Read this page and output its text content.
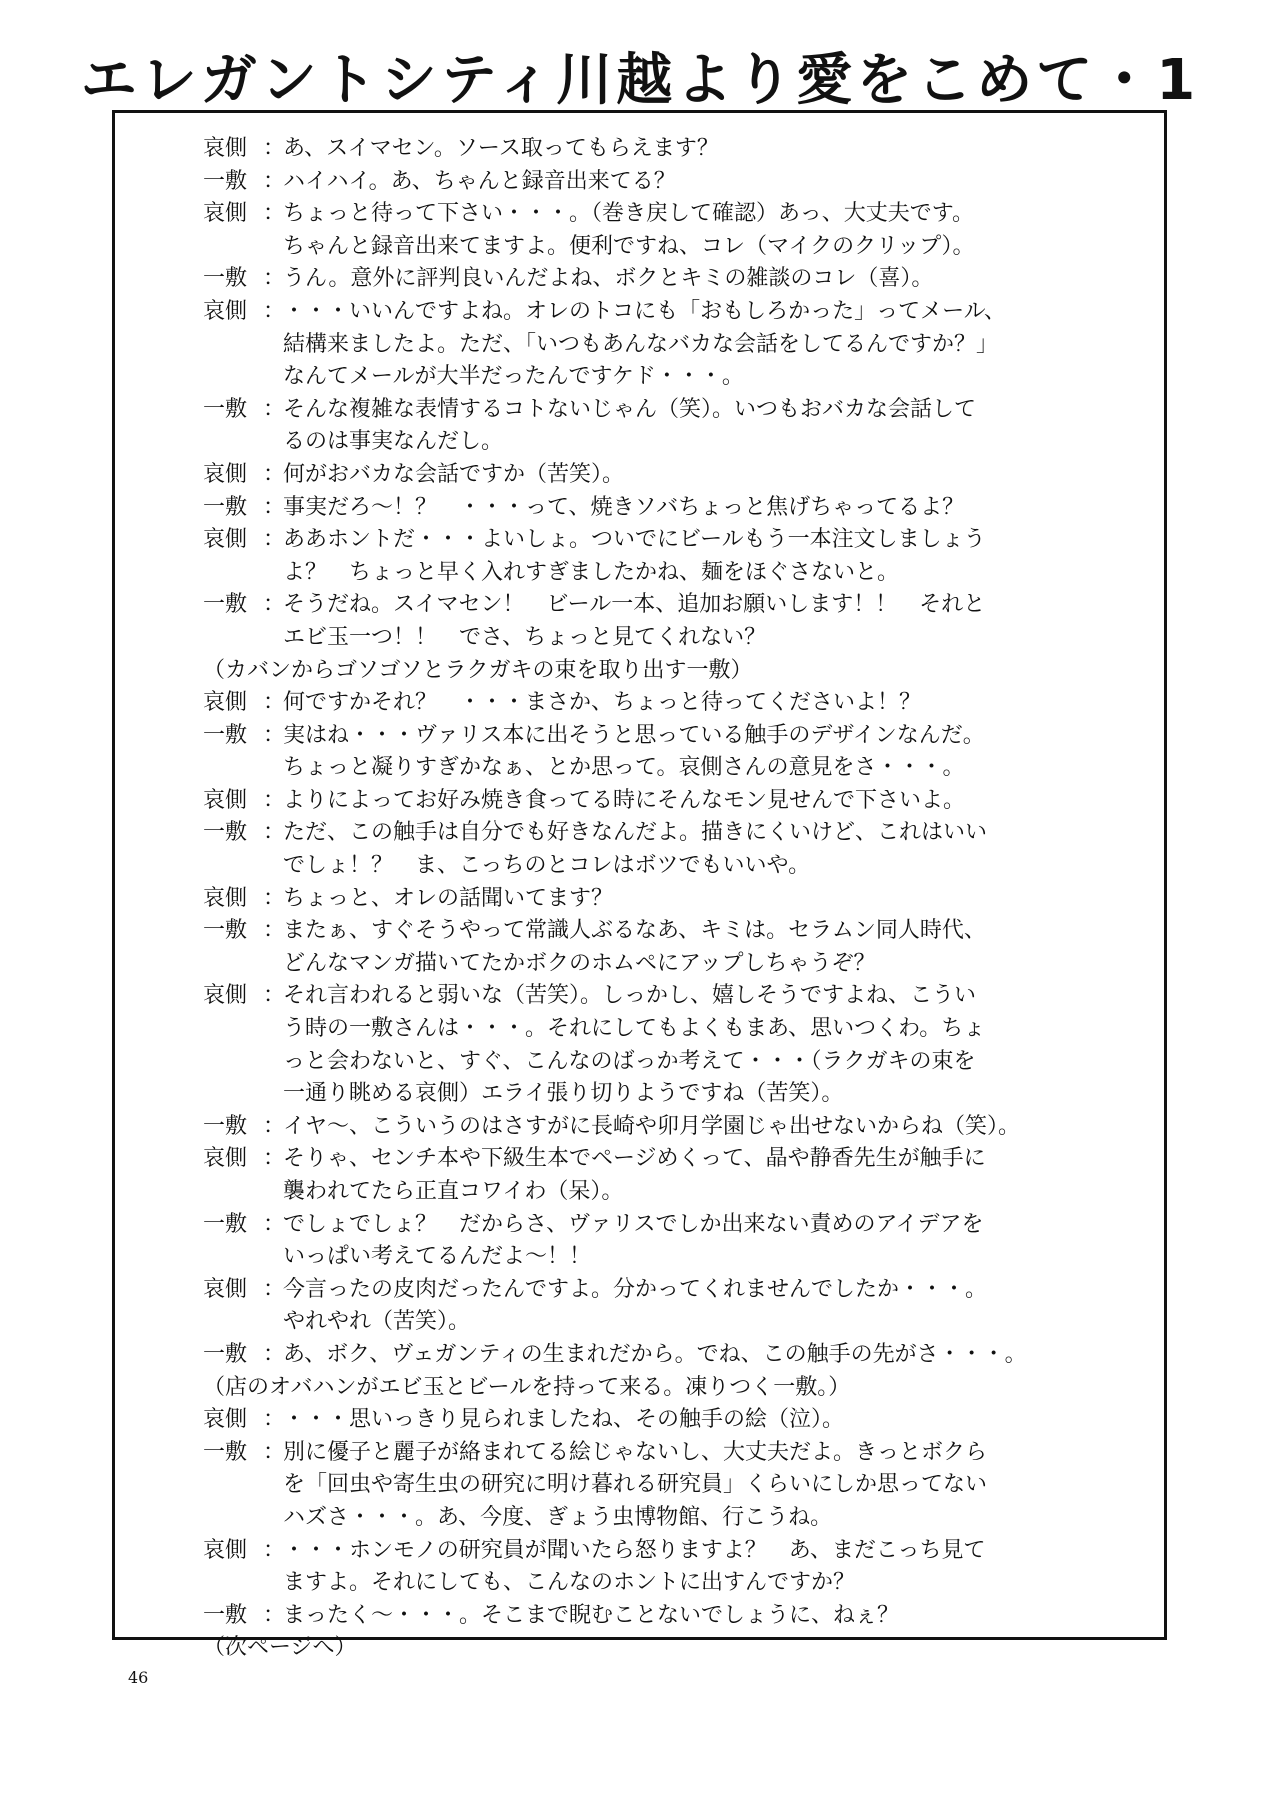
エレガントシティ川越より愛をこめて・1
哀側 ：
あ、スイマセン。ソース取ってもらえます？
一敷 ：
ハイハイ。あ、ちゃんと録音出来てる？
哀側 ：
ちょっと待って下さい・・・。（巻き戻して確認）あっ、大丈夫です。
ちゃんと録音出来てますよ。便利ですね、コレ（マイクのクリップ）。
一敷 ：
うん。意外に評判良いんだよね、ボクとキミの雑談のコレ（喜）。
哀側 ：
・・・いいんですよね。オレのトコにも「おもしろかった」ってメール、
結構来ましたよ。ただ、「いつもあんなバカな会話をしてるんですか？」
なんてメールが大半だったんですケド・・・。
一敷 ：
そんな複雑な表情するコトないじゃん（笑）。いつもおバカな会話して
るのは事実なんだし。
哀側 ：
何がおバカな会話ですか（苦笑）。
一敷 ：
事実だろ～！？　・・・って、焼きソバちょっと焦げちゃってるよ？
哀側 ：
ああホントだ・・・よいしょ。ついでにビールもう一本注文しましょう
よ？　ちょっと早く入れすぎましたかね、麺をほぐさないと。
一敷 ：
そうだね。スイマセン！　ビール一本、追加お願いします！！　それと
エビ玉一つ！！　でさ、ちょっと見てくれない？
（カバンからゴソゴソとラクガキの束を取り出す一敷）
哀側 ：
何ですかそれ？　・・・まさか、ちょっと待ってくださいよ！？
一敷 ：
実はね・・・ヴァリス本に出そうと思っている触手のデザインなんだ。
ちょっと凝りすぎかなぁ、とか思って。哀側さんの意見をさ・・・。
哀側 ：
よりによってお好み焼き食ってる時にそんなモン見せんで下さいよ。
一敷 ：
ただ、この触手は自分でも好きなんだよ。描きにくいけど、これはいい
でしょ！？　ま、こっちのとコレはボツでもいいや。
哀側 ：
ちょっと、オレの話聞いてます？
一敷 ：
またぁ、すぐそうやって常識人ぶるなあ、キミは。セラムン同人時代、
どんなマンガ描いてたかボクのホムペにアップしちゃうぞ？
哀側 ：
それ言われると弱いな（苦笑）。しっかし、嬉しそうですよね、こうい
う時の一敷さんは・・・。それにしてもよくもまあ、思いつくわ。ちょ
っと会わないと、すぐ、こんなのばっか考えて・・・（ラクガキの束を
一通り眺める哀側）エライ張り切りようですね（苦笑）。
一敷 ：
イヤ～、こういうのはさすがに長崎や卯月学園じゃ出せないからね（笑）。
哀側 ：
そりゃ、センチ本や下級生本でページめくって、晶や静香先生が触手に
襲われてたら正直コワイわ（呆）。
一敷 ：
でしょでしょ？　だからさ、ヴァリスでしか出来ない責めのアイデアを
いっぱい考えてるんだよ～！！
哀側 ：
今言ったの皮肉だったんですよ。分かってくれませんでしたか・・・。
やれやれ（苦笑）。
一敷 ：
あ、ボク、ヴェガンティの生まれだから。でね、この触手の先がさ・・・。
（店のオバハンがエビ玉とビールを持って来る。凍りつく一敷。）
哀側 ：
・・・思いっきり見られましたね、その触手の絵（泣）。
一敷 ：
別に優子と麗子が絡まれてる絵じゃないし、大丈夫だよ。きっとボクら
を「回虫や寄生虫の研究に明け暮れる研究員」くらいにしか思ってない
ハズさ・・・。あ、今度、ぎょう虫博物館、行こうね。
哀側 ：
・・・ホンモノの研究員が聞いたら怒りますよ？　あ、まだこっち見て
ますよ。それにしても、こんなのホントに出すんですか？
一敷 ：
まったく～・・・。そこまで睨むことないでしょうに、ねぇ？
（次ページへ）
46
